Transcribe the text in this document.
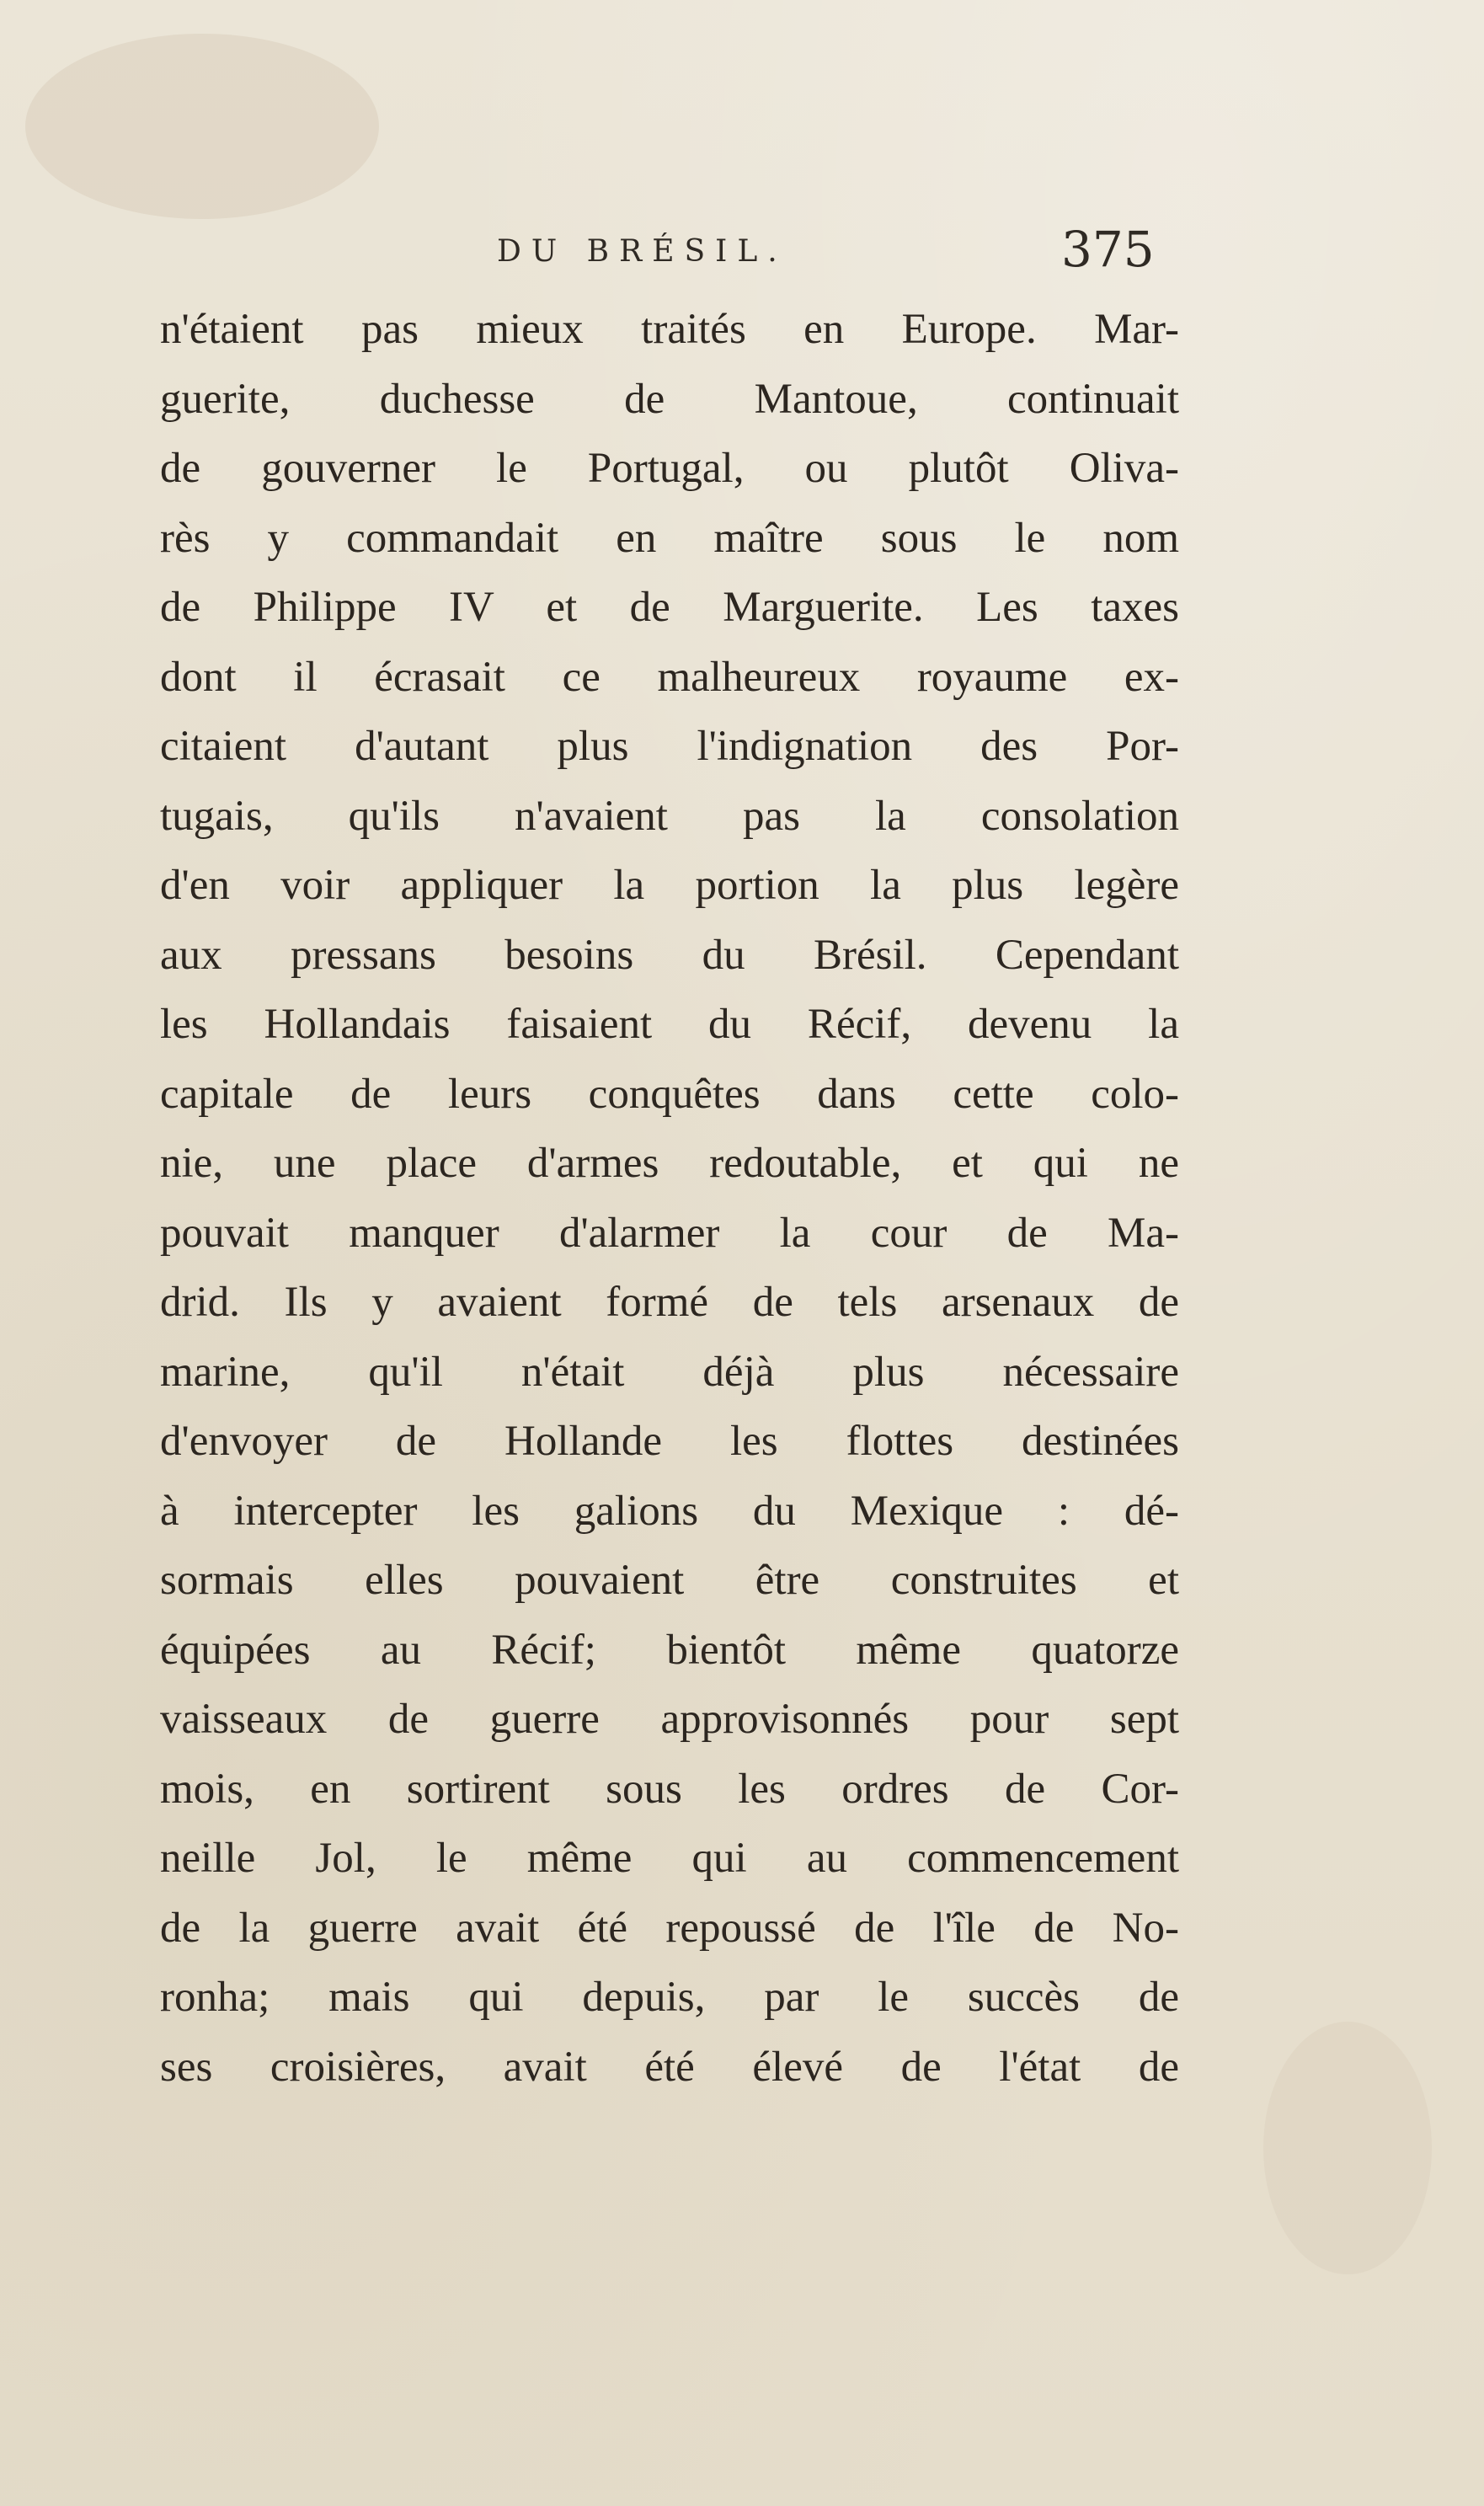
DU BRÉSIL.	375
n'étaient pas mieux traités en Europe. Mar-
guerite, duchesse de Mantoue, continuait
de gouverner le Portugal, ou plutôt Oliva-
rès y commandait en maître sous le nom
de Philippe IV et de Marguerite. Les taxes
dont il écrasait ce malheureux royaume ex-
citaient d'autant plus l'indignation des Por-
tugais, qu'ils n'avaient pas la consolation
d'en voir appliquer la portion la plus legère
aux pressans besoins du Brésil. Cependant
les Hollandais faisaient du Récif, devenu la
capitale de leurs conquêtes dans cette colo-
nie, une place d'armes redoutable, et qui ne
pouvait manquer d'alarmer la cour de Ma-
drid. Ils y avaient formé de tels arsenaux de
marine, qu'il n'était déjà plus nécessaire
d'envoyer de Hollande les flottes destinées
à intercepter les galions du Mexique : dé-
sormais elles pouvaient être construites et
équipées au Récif; bientôt même quatorze
vaisseaux de guerre approvisonnés pour sept
mois, en sortirent sous les ordres de Cor-
neille Jol, le même qui au commencement
de la guerre avait été repoussé de l'île de No-
ronha; mais qui depuis, par le succès de
ses croisières, avait été élevé de l'état de
